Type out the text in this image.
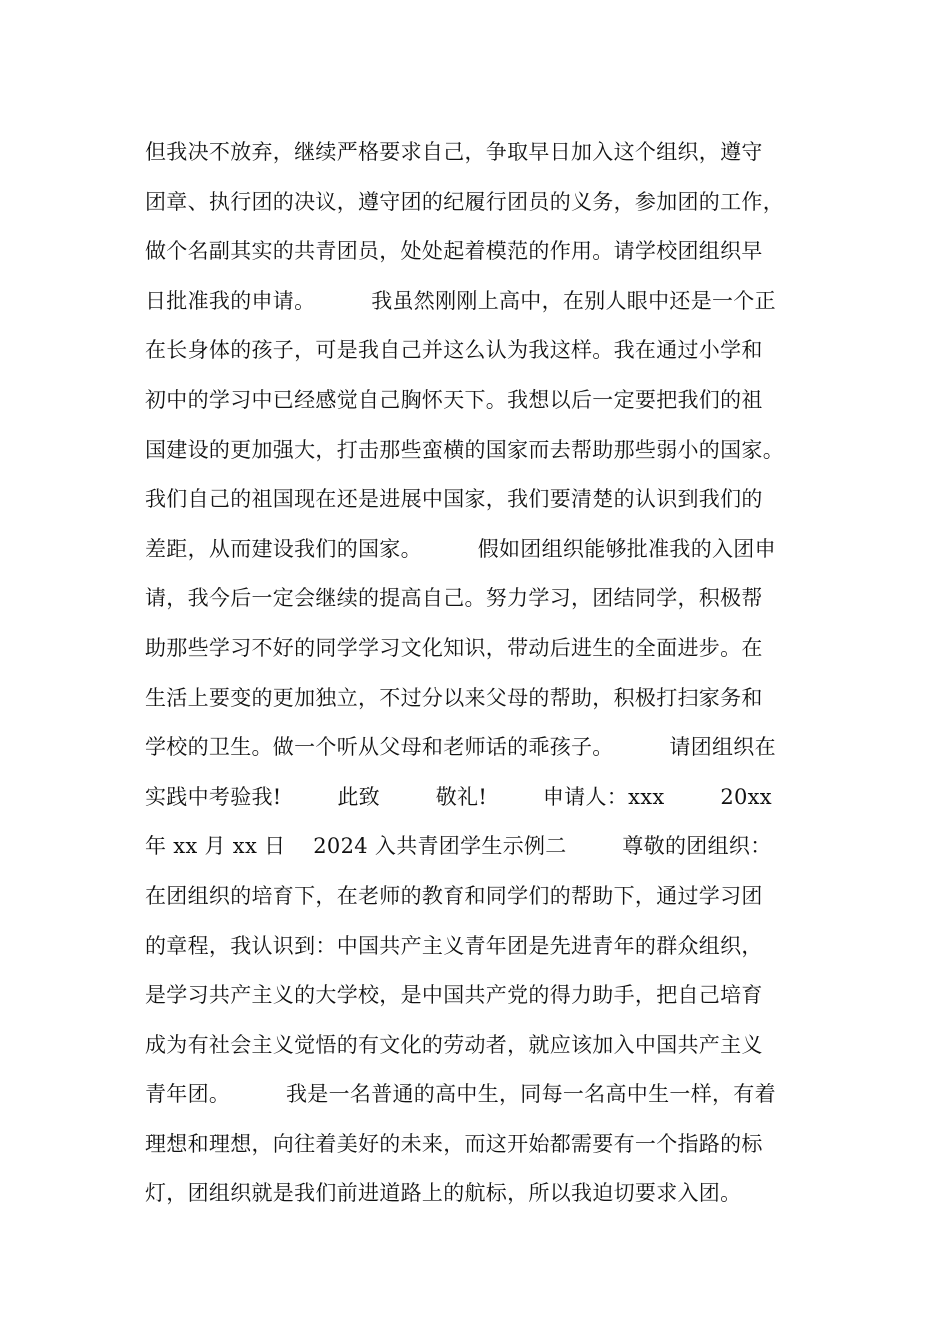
但我决不放弃，继续严格要求自己，争取早日加入这个组织，遵守
团章、执行团的决议，遵守团的纪履行团员的义务，参加团的工作，
做个名副其实的共青团员，处处起着模范的作用。请学校团组织早
日批准我的申请。        我虽然刚刚上高中，在别人眼中还是一个正
在长身体的孩子，可是我自己并这么认为我这样。我在通过小学和
初中的学习中已经感觉自己胸怀天下。我想以后一定要把我们的祖
国建设的更加强大，打击那些蛮横的国家而去帮助那些弱小的国家。
我们自己的祖国现在还是进展中国家，我们要清楚的认识到我们的
差距，从而建设我们的国家。        假如团组织能够批准我的入团申
请，我今后一定会继续的提高自己。努力学习，团结同学，积极帮
助那些学习不好的同学学习文化知识，带动后进生的全面进步。在
生活上要变的更加独立，不过分以来父母的帮助，积极打扫家务和
学校的卫生。做一个听从父母和老师话的乖孩子。        请团组织在
实践中考验我!        此致        敬礼!        申请人：xxx        20xx
年 xx 月 xx 日    2024 入共青团学生示例二        尊敬的团组织：
在团组织的培育下，在老师的教育和同学们的帮助下，通过学习团
的章程，我认识到：中国共产主义青年团是先进青年的群众组织，
是学习共产主义的大学校，是中国共产党的得力助手，把自己培育
成为有社会主义觉悟的有文化的劳动者，就应该加入中国共产主义
青年团。        我是一名普通的高中生，同每一名高中生一样，有着
理想和理想，向往着美好的未来，而这开始都需要有一个指路的标
灯，团组织就是我们前进道路上的航标，所以我迫切要求入团。
